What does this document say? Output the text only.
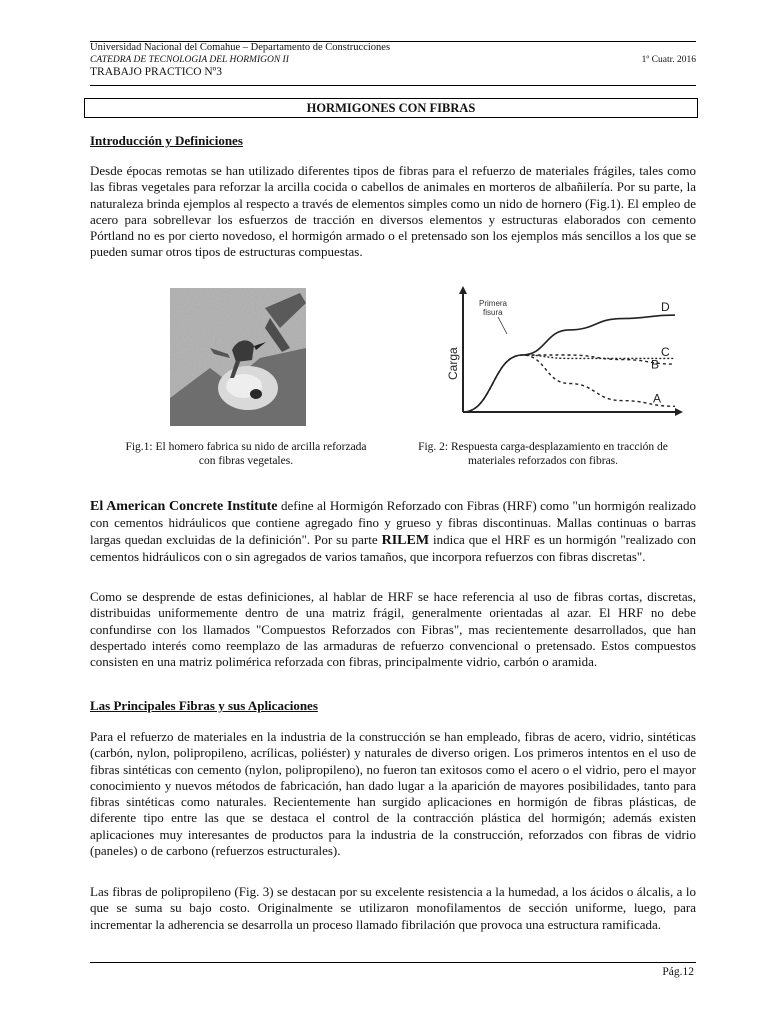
Universidad Nacional del Comahue – Departamento de Construcciones
CATEDRA DE TECNOLOGIA DEL HORMIGON II	1º Cuatr. 2016
TRABAJO PRACTICO Nº3
HORMIGONES CON FIBRAS
Introducción y Definiciones

Desde épocas remotas se han utilizado diferentes tipos de fibras para el refuerzo de materiales frágiles, tales como las fibras vegetales para reforzar la arcilla cocida o cabellos de animales en morteros de albañilería. Por su parte, la naturaleza brinda ejemplos al respecto a través de elementos simples como un nido de hornero (Fig.1). El empleo de acero para sobrellevar los esfuerzos de tracción en diversos elementos y estructuras elaborados con cemento Pórtland no es por cierto novedoso, el hormigón armado o el pretensado son los ejemplos más sencillos a los que se pueden sumar otros tipos de estructuras compuestas.

Carga
Primera
fisura	D
C
B
A
Fig.1: El homero fabrica su nido de arcilla reforzada con fibras vegetales.
Fig. 2: Respuesta carga-desplazamiento en tracción de materiales reforzados con fibras.

El American Concrete Institute define al Hormigón Reforzado con Fibras (HRF) como "un hormigón realizado con cementos hidráulicos que contiene agregado fino y grueso y fibras discontinuas. Mallas continuas o barras largas quedan excluidas de la definición". Por su parte RILEM indica que el HRF es un hormigón "realizado con cementos hidráulicos con o sin agregados de varios tamaños, que incorpora refuerzos con fibras discretas".

Como se desprende de estas definiciones, al hablar de HRF se hace referencia al uso de fibras cortas, discretas, distribuidas uniformemente dentro de una matriz frágil, generalmente orientadas al azar. El HRF no debe confundirse con los llamados "Compuestos Reforzados con Fibras", mas recientemente desarrollados, que han despertado interés como reemplazo de las armaduras de refuerzo convencional o pretensado. Estos compuestos consisten en una matriz polimérica reforzada con fibras, principalmente vidrio, carbón o aramida.

Las Principales Fibras y sus Aplicaciones

Para el refuerzo de materiales en la industria de la construcción se han empleado, fibras de acero, vidrio, sintéticas (carbón, nylon, polipropileno, acrílicas, poliéster) y naturales de diverso origen. Los primeros intentos en el uso de fibras sintéticas con cemento (nylon, polipropileno), no fueron tan exitosos como el acero o el vidrio, pero el mayor conocimiento y nuevos métodos de fabricación, han dado lugar a la aparición de mayores posibilidades, tanto para fibras sintéticas como naturales. Recientemente han surgido aplicaciones en hormigón de fibras plásticas, de diferente tipo entre las que se destaca el control de la contracción plástica del hormigón; además existen aplicaciones muy interesantes de productos para la industria de la construcción, reforzados con fibras de vidrio (paneles) o de carbono (refuerzos estructurales).

Las fibras de polipropileno (Fig. 3) se destacan por su excelente resistencia a la humedad, a los ácidos o álcalis, a lo que se suma su bajo costo. Originalmente se utilizaron monofilamentos de sección uniforme, luego, para incrementar la adherencia se desarrolla un proceso llamado fibrilación que provoca una estructura ramificada.

Pág.12
